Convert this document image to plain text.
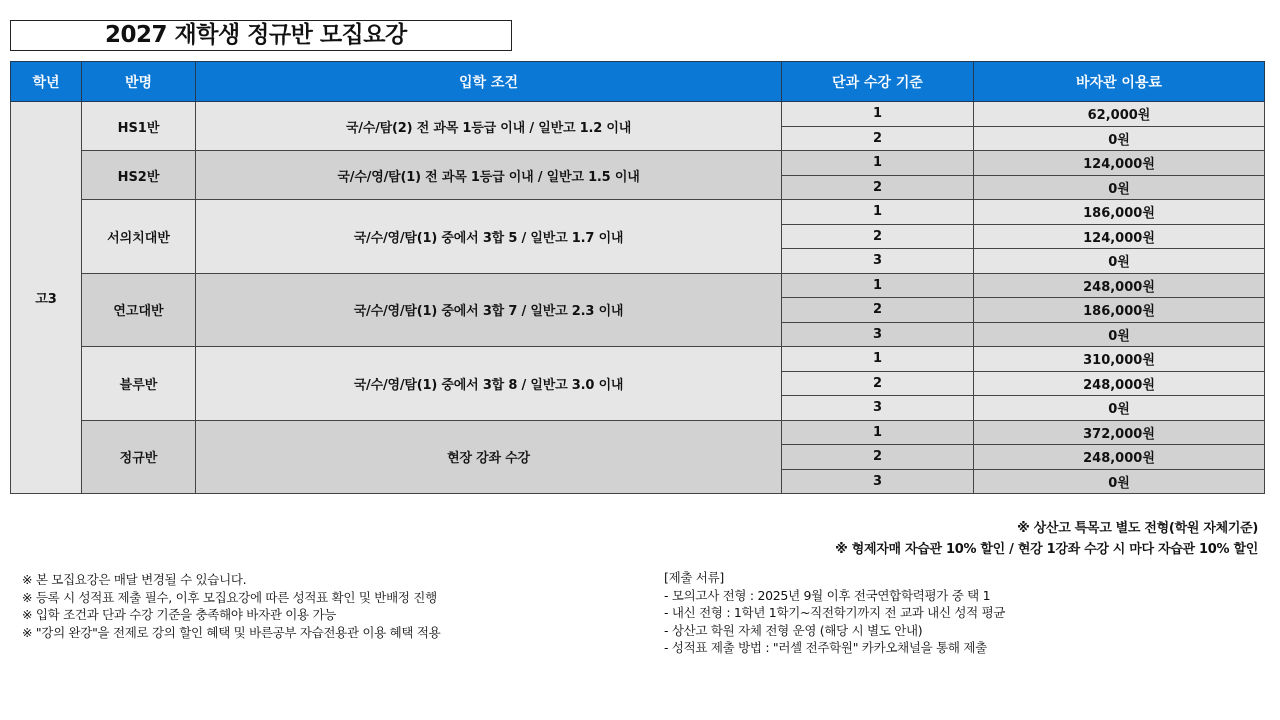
2027 재학생 정규반 모집요강
학년	반명	입학 조건	단과 수강 기준	바자관 이용료
고3	HS1반	국/수/탐(2) 전 과목 1등급 이내 / 일반고 1.2 이내	1	62,000원
			2	0원
	HS2반	국/수/영/탐(1) 전 과목 1등급 이내 / 일반고 1.5 이내	1	124,000원
			2	0원
	서의치대반	국/수/영/탐(1) 중에서 3합 5 / 일반고 1.7 이내	1	186,000원
			2	124,000원
			3	0원
	연고대반	국/수/영/탐(1) 중에서 3합 7 / 일반고 2.3 이내	1	248,000원
			2	186,000원
			3	0원
	블루반	국/수/영/탐(1) 중에서 3합 8 / 일반고 3.0 이내	1	310,000원
			2	248,000원
			3	0원
	정규반	현장 강좌 수강	1	372,000원
			2	248,000원
			3	0원
※ 상산고 특목고 별도 전형(학원 자체기준)
※ 형제자매 자습관 10% 할인 / 현강 1강좌 수강 시 마다 자습관 10% 할인
※ 본 모집요강은 매달 변경될 수 있습니다.
※ 등록 시 성적표 제출 필수, 이후 모집요강에 따른 성적표 확인 및 반배정 진행
※ 입학 조건과 단과 수강 기준을 충족해야 바자관 이용 가능
※ "강의 완강"을 전제로 강의 할인 혜택 및 바른공부 자습전용관 이용 혜택 적용
[제출 서류]
- 모의고사 전형 : 2025년 9월 이후 전국연합학력평가 중 택 1
- 내신 전형 : 1학년 1학기~직전학기까지 전 교과 내신 성적 평균
- 상산고 학원 자체 전형 운영 (해당 시 별도 안내)
- 성적표 제출 방법 : "러셀 전주학원" 카카오채널을 통해 제출
